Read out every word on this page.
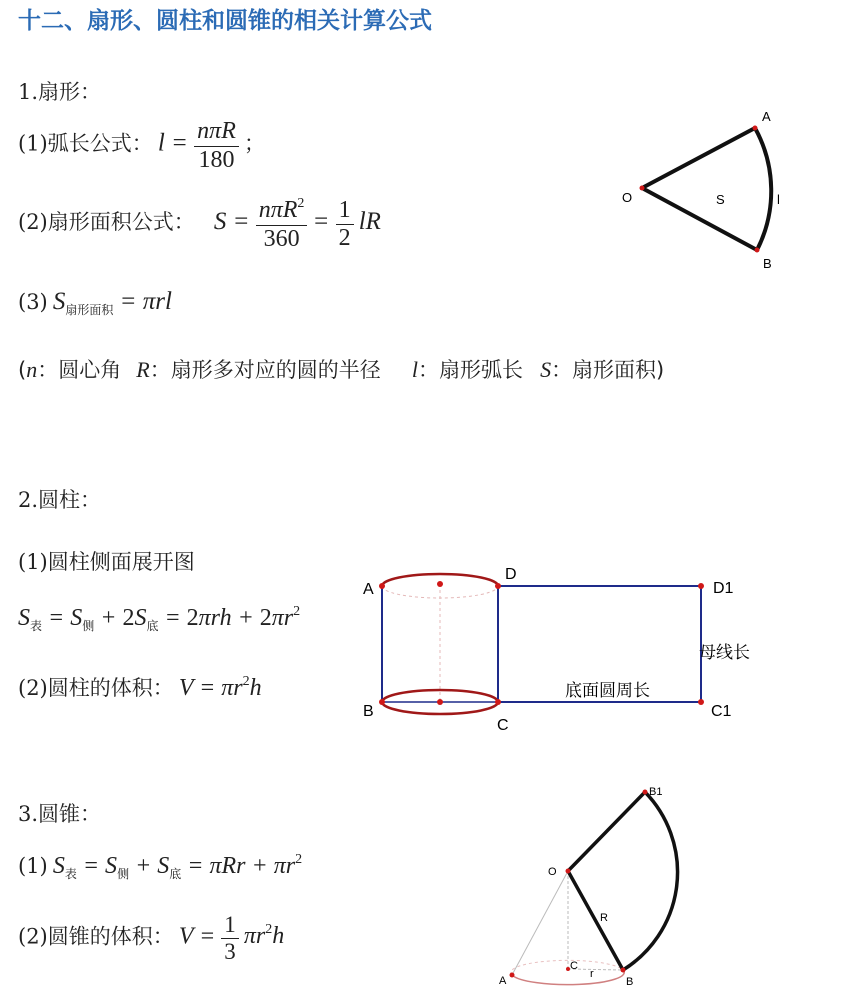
十二、扇形、圆柱和圆锥的相关计算公式
1.扇形：
(1)弧长公式： $l = \frac{\text{nπR}}{180}$ ；
(2)扇形面积公式： $S = \frac{n\pi R^2}{360} = \frac{1}{2}$ lR
(3) $S_{扇形面积} = \pi rl$
(n：圆心角 R：扇形多对应的圆的半径 l：扇形弧长 S：扇形面积)
O
A
B
S	l
2.圆柱：
(1)圆柱侧面展开图
$S_表 = S_侧 + 2S_底 = 2\pi rh + 2\pi r^2$
(2)圆柱的体积： $V = \pi r^2h$
A
B
D
C
D1
C1
母线长
底面圆周长
3.圆锥：
(1) $S_表 = S_侧 + S_底 = \pi Rr + \pi r^2$
(2)圆锥的体积： $V = \frac{1}{3} \pi r^2h$
O
B1
R
r
A	B
C
